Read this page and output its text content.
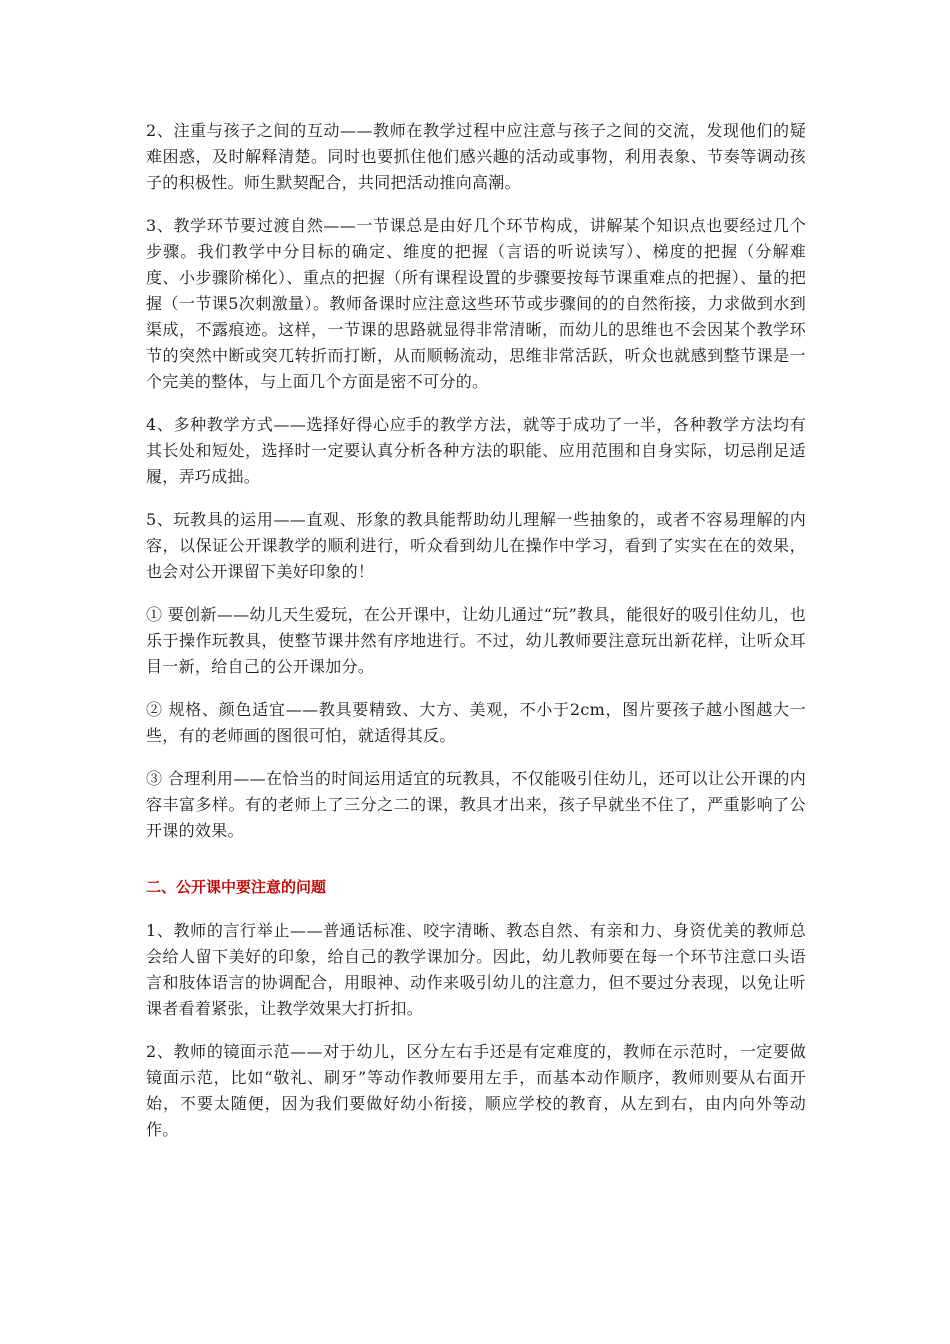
2、注重与孩子之间的互动——教师在教学过程中应注意与孩子之间的交流，发现他们的疑难困惑，及时解释清楚。同时也要抓住他们感兴趣的活动或事物，利用表象、节奏等调动孩子的积极性。师生默契配合，共同把活动推向高潮。

3、教学环节要过渡自然——一节课总是由好几个环节构成，讲解某个知识点也要经过几个步骤。我们教学中分目标的确定、维度的把握（言语的听说读写）、梯度的把握（分解难度、小步骤阶梯化）、重点的把握（所有课程设置的步骤要按每节课重难点的把握）、量的把握（一节课5次刺激量）。教师备课时应注意这些环节或步骤间的的自然衔接，力求做到水到渠成，不露痕迹。这样，一节课的思路就显得非常清晰，而幼儿的思维也不会因某个教学环节的突然中断或突兀转折而打断，从而顺畅流动，思维非常活跃，听众也就感到整节课是一个完美的整体，与上面几个方面是密不可分的。

4、多种教学方式——选择好得心应手的教学方法，就等于成功了一半，各种教学方法均有其长处和短处，选择时一定要认真分析各种方法的职能、应用范围和自身实际，切忌削足适履，弄巧成拙。

5、玩教具的运用——直观、形象的教具能帮助幼儿理解一些抽象的，或者不容易理解的内容，以保证公开课教学的顺利进行，听众看到幼儿在操作中学习，看到了实实在在的效果，也会对公开课留下美好印象的！

① 要创新——幼儿天生爱玩，在公开课中，让幼儿通过“玩”教具，能很好的吸引住幼儿，也乐于操作玩教具，使整节课井然有序地进行。不过，幼儿教师要注意玩出新花样，让听众耳目一新，给自己的公开课加分。

② 规格、颜色适宜——教具要精致、大方、美观，不小于2cm，图片要孩子越小图越大一些，有的老师画的图很可怕，就适得其反。

③ 合理利用——在恰当的时间运用适宜的玩教具，不仅能吸引住幼儿，还可以让公开课的内容丰富多样。有的老师上了三分之二的课，教具才出来，孩子早就坐不住了，严重影响了公开课的效果。

二、公开课中要注意的问题

1、教师的言行举止——普通话标准、咬字清晰、教态自然、有亲和力、身资优美的教师总会给人留下美好的印象，给自己的教学课加分。因此，幼儿教师要在每一个环节注意口头语言和肢体语言的协调配合，用眼神、动作来吸引幼儿的注意力，但不要过分表现，以免让听课者看着紧张，让教学效果大打折扣。

2、教师的镜面示范——对于幼儿，区分左右手还是有定难度的，教师在示范时，一定要做镜面示范，比如“敬礼、刷牙”等动作教师要用左手，而基本动作顺序，教师则要从右面开始，不要太随便，因为我们要做好幼小衔接，顺应学校的教育，从左到右，由内向外等动作。
